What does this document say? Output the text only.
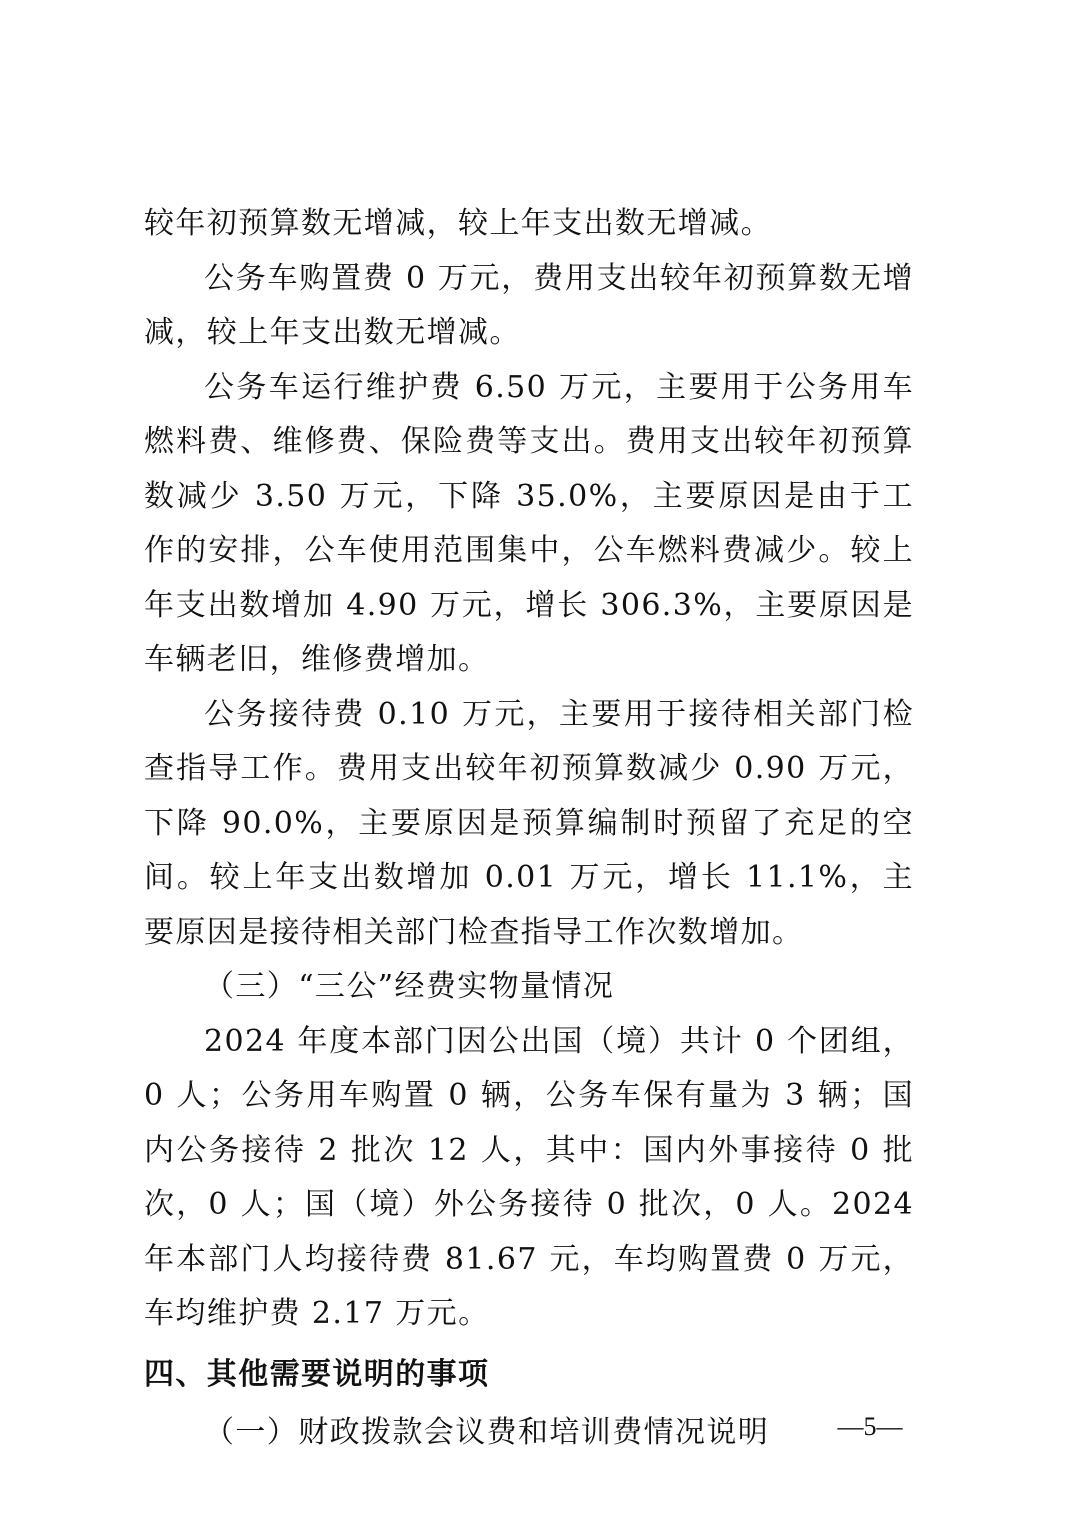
较年初预算数无增减，较上年支出数无增减。

公务车购置费 0 万元，费用支出较年初预算数无增减，较上年支出数无增减。

公务车运行维护费 6.50 万元，主要用于公务用车燃料费、维修费、保险费等支出。费用支出较年初预算数减少 3.50 万元，下降 35.0%，主要原因是由于工作的安排，公车使用范围集中，公车燃料费减少。较上年支出数增加 4.90 万元，增长 306.3%，主要原因是车辆老旧，维修费增加。

公务接待费 0.10 万元，主要用于接待相关部门检查指导工作。费用支出较年初预算数减少 0.90 万元，下降 90.0%，主要原因是预算编制时预留了充足的空间。较上年支出数增加 0.01 万元，增长 11.1%，主要原因是接待相关部门检查指导工作次数增加。

（三）“三公”经费实物量情况

2024 年度本部门因公出国（境）共计 0 个团组，0 人；公务用车购置 0 辆，公务车保有量为 3 辆；国内公务接待 2 批次 12 人，其中：国内外事接待 0 批次，0 人；国（境）外公务接待 0 批次，0 人。2024 年本部门人均接待费 81.67 元，车均购置费 0 万元，车均维护费 2.17 万元。

四、其他需要说明的事项

（一）财政拨款会议费和培训费情况说明	—5—
